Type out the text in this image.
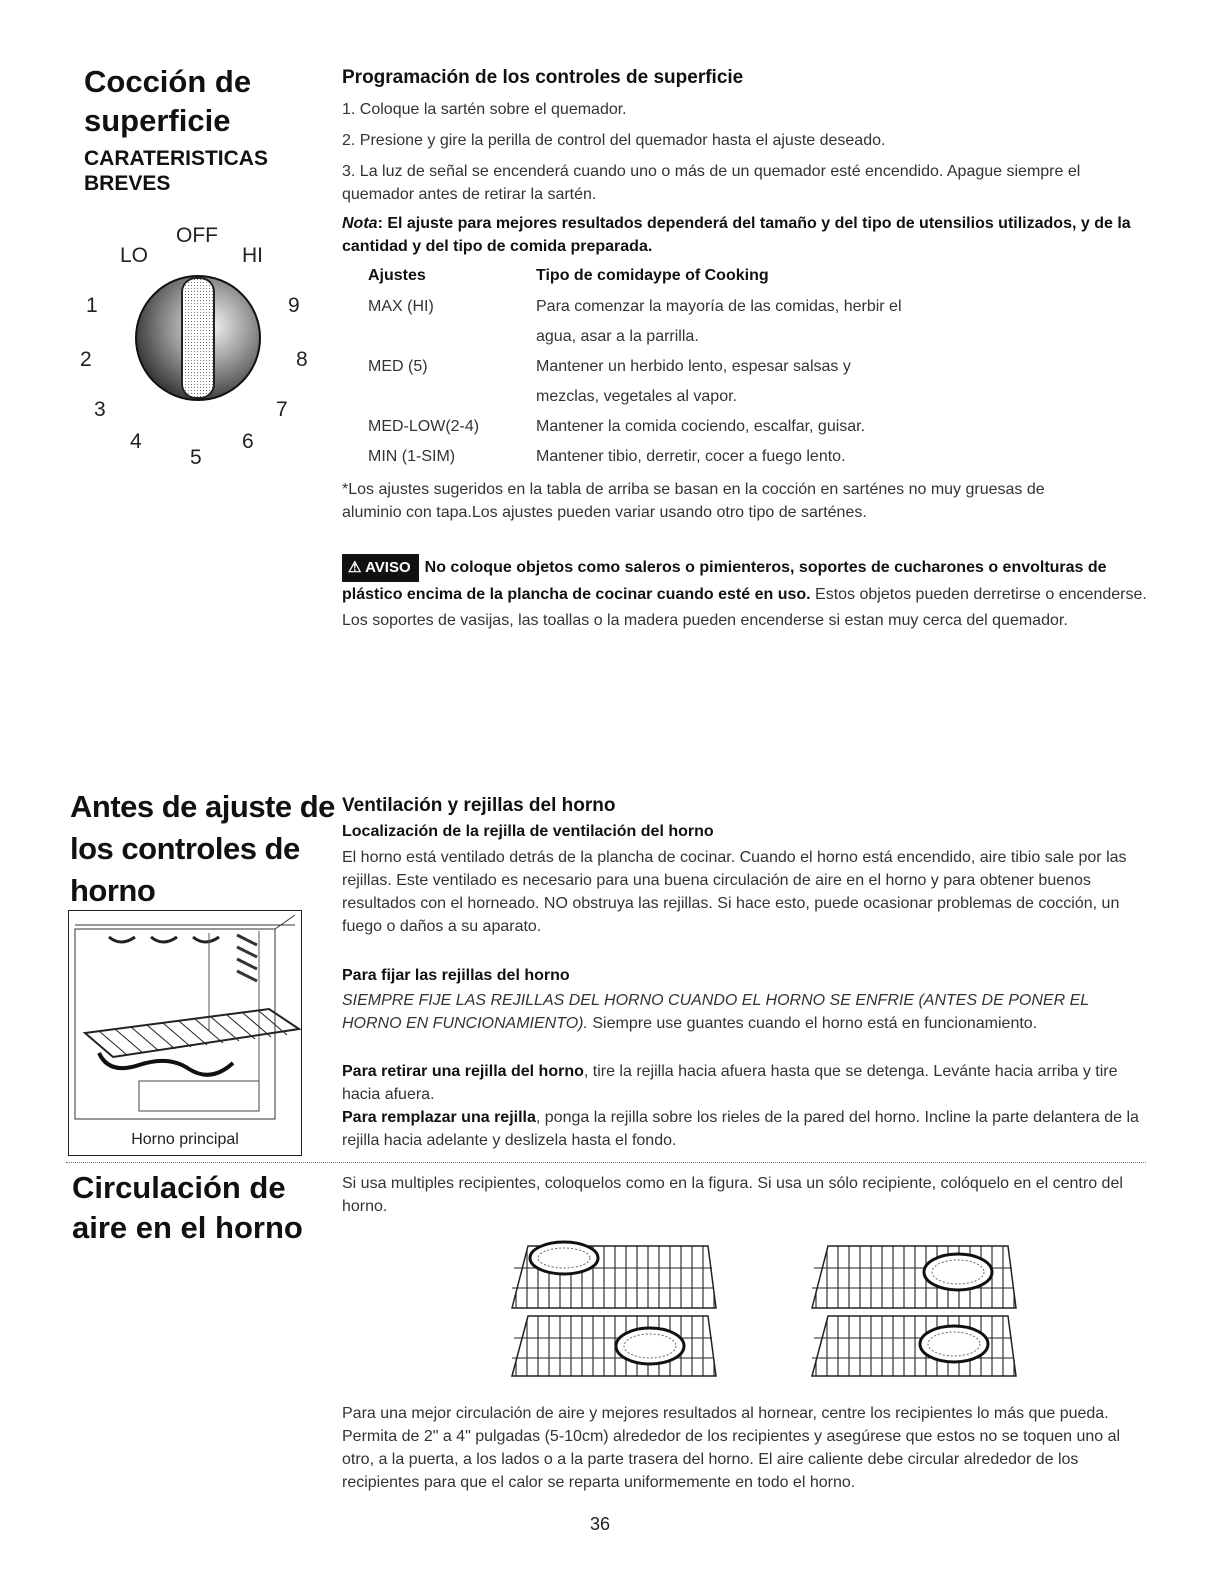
Cocción de
superficie
CARATERISTICAS
BREVES
OFF
LO	HI
1
2
3
4
5
6
7
8
9
Programación de los controles de superficie
1. Coloque la sartén sobre el quemador.
2. Presione y gire la perilla de control del quemador hasta el ajuste deseado.
3. La luz de señal se encenderá cuando uno o más de un quemador esté encendido. Apague siempre el quemador antes de retirar la sartén.
Nota: El ajuste para mejores resultados dependerá del tamaño y del tipo de utensilios utilizados, y de la cantidad y del tipo de comida preparada.
Ajustes	Tipo de comidaype of Cooking
MAX (HI)	Para comenzar la mayoría de las comidas, herbir el
agua, asar a la parrilla.
MED (5)	Mantener un herbido lento, espesar salsas y
mezclas, vegetales al vapor.
MED-LOW(2-4)	Mantener la comida cociendo, escalfar, guisar.
MIN (1-SIM)	Mantener tibio, derretir, cocer a fuego lento.
*Los ajustes sugeridos en la tabla de arriba se basan en la cocción en sarténes no muy gruesas de aluminio con tapa.Los ajustes pueden variar usando otro tipo de sarténes.
⚠ AVISO No coloque objetos como saleros o pimienteros, soportes de cucharones o envolturas de plástico encima de la plancha de cocinar cuando esté en uso. Estos objetos pueden derretirse o encenderse. Los soportes de vasijas, las toallas o la madera pueden encenderse si estan muy cerca del quemador.
Antes de ajuste de
los controles de
horno
Horno principal
Ventilación y rejillas del horno
Localización de la rejilla de ventilación del horno
El horno está ventilado detrás de la plancha de cocinar. Cuando el horno está encendido, aire tibio sale por las rejillas. Este ventilado es necesario para una buena circulación de aire en el horno y para obtener buenos resultados con el horneado. NO obstruya las rejillas. Si hace esto, puede ocasionar problemas de cocción, un fuego o daños a su aparato.
Para fijar las rejillas del horno
SIEMPRE FIJE LAS REJILLAS DEL HORNO CUANDO EL HORNO SE ENFRIE (ANTES DE PONER EL HORNO EN FUNCIONAMIENTO). Siempre use guantes cuando el horno está en funcionamiento.
Para retirar una rejilla del horno, tire la rejilla hacia afuera hasta que se detenga. Levánte hacia arriba y tire hacia afuera.
Para remplazar una rejilla, ponga la rejilla sobre los rieles de la pared del horno. Incline la parte delantera de la rejilla hacia adelante y deslizela hasta el fondo.
Circulación de
aire en el horno
Si usa multiples recipientes, coloquelos como en la figura. Si usa un sólo recipiente, colóquelo en el centro del horno.
Para una mejor circulación de aire y mejores resultados al hornear, centre los recipientes lo más que pueda. Permita de 2" a 4" pulgadas (5-10cm) alrededor de los recipientes y asegúrese que estos no se toquen uno al otro, a la puerta, a los lados o a la parte trasera del horno. El aire caliente debe circular alrededor de los recipientes para que el calor se reparta uniformemente en todo el horno.
36
